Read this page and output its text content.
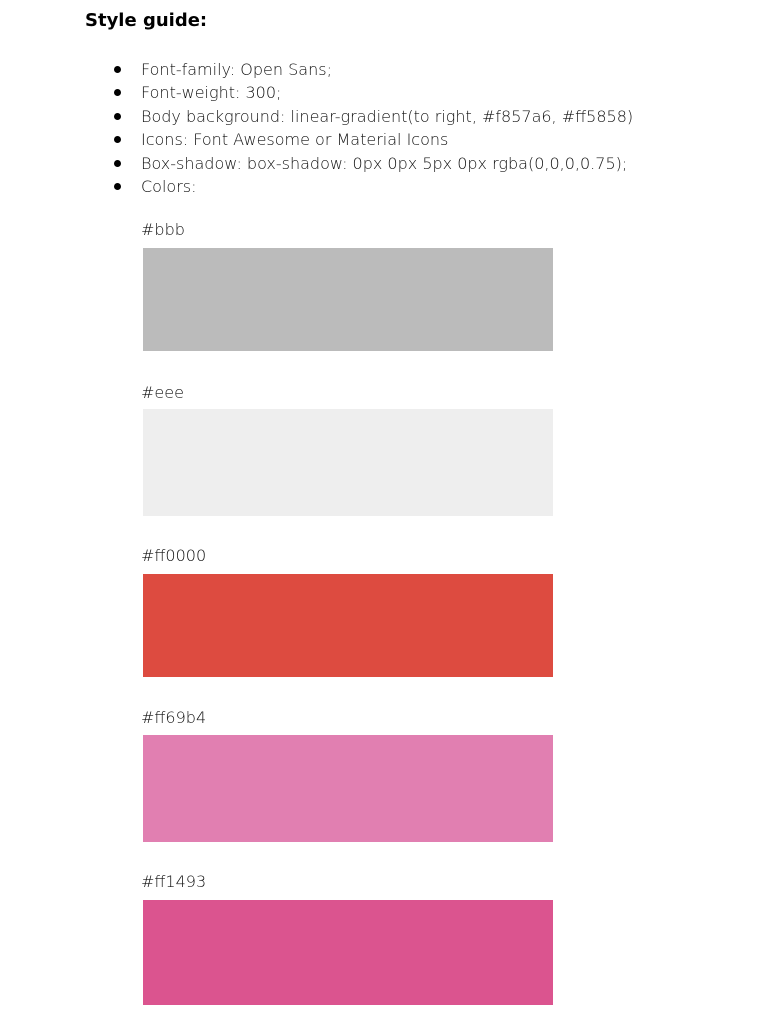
Style guide:
Font-family: Open Sans;
Font-weight: 300;
Body background: linear-gradient(to right, #f857a6, #ff5858)
Icons: Font Awesome or Material Icons
Box-shadow: box-shadow: 0px 0px 5px 0px rgba(0,0,0,0.75);
Colors:
#bbb
#eee
#ff0000
#ff69b4
#ff1493
